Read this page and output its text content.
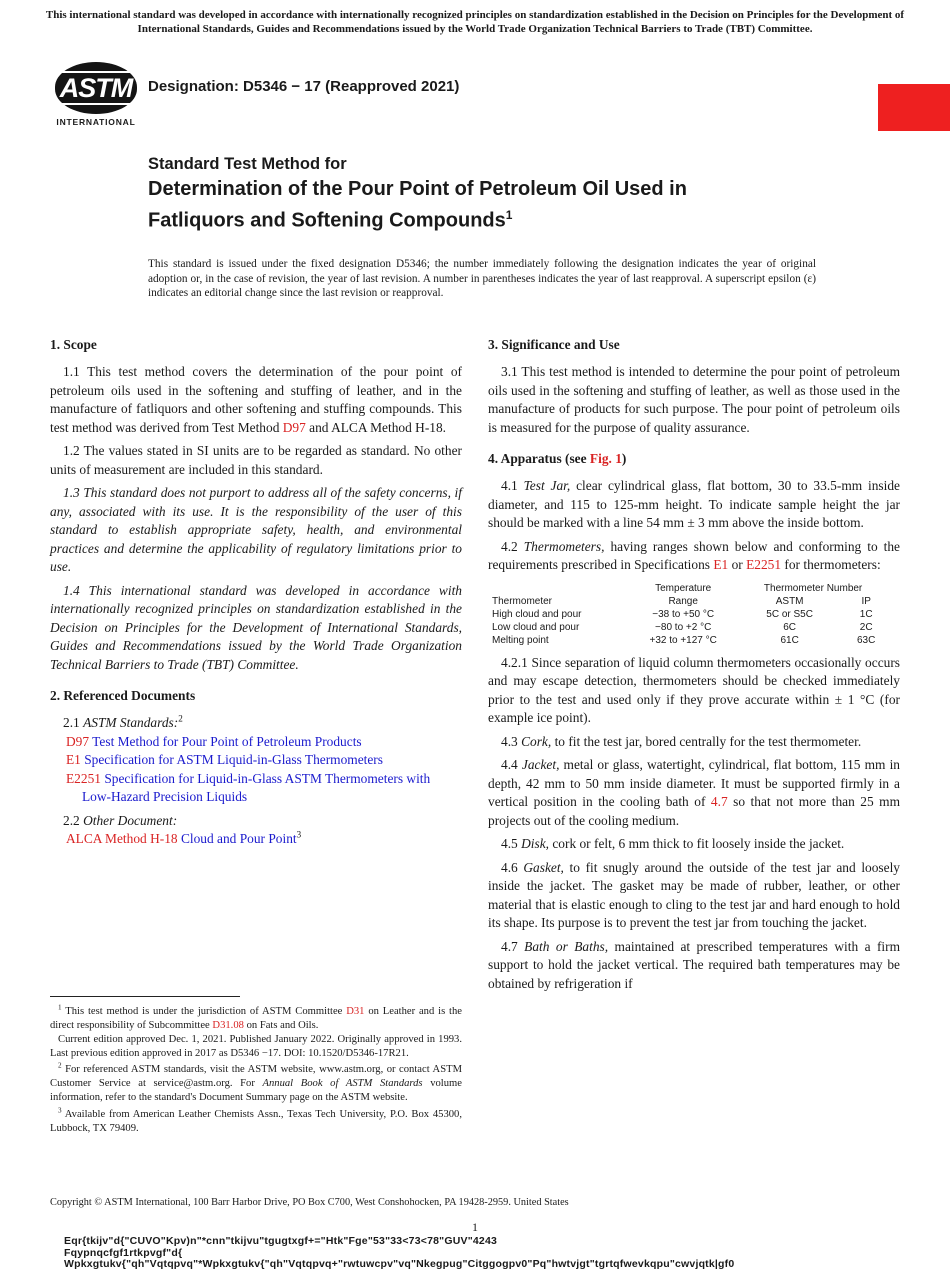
This international standard was developed in accordance with internationally recognized principles on standardization established in the Decision on Principles for the Development of International Standards, Guides and Recommendations issued by the World Trade Organization Technical Barriers to Trade (TBT) Committee.
ASTM
INTERNATIONAL
Designation: D5346 − 17 (Reapproved 2021)
Standard Test Method for
Determination of the Pour Point of Petroleum Oil Used in
Fatliquors and Softening Compounds$^1$
This standard is issued under the fixed designation D5346; the number immediately following the designation indicates the year of original adoption or, in the case of revision, the year of last revision. A number in parentheses indicates the year of last reapproval. A superscript epsilon (ε) indicates an editorial change since the last revision or reapproval.
1. Scope

1.1 This test method covers the determination of the pour point of petroleum oils used in the softening and stuffing of leather, and in the manufacture of fatliquors and other softening and stuffing compounds. This test method was derived from Test Method D97 and ALCA Method H-18.

1.2 The values stated in SI units are to be regarded as standard. No other units of measurement are included in this standard.

1.3 This standard does not purport to address all of the safety concerns, if any, associated with its use. It is the responsibility of the user of this standard to establish appropriate safety, health, and environmental practices and determine the applicability of regulatory limitations prior to use.

1.4 This international standard was developed in accordance with internationally recognized principles on standardization established in the Decision on Principles for the Development of International Standards, Guides and Recommendations issued by the World Trade Organization Technical Barriers to Trade (TBT) Committee.

2. Referenced Documents

2.1 ASTM Standards:$^2$

D97 Test Method for Pour Point of Petroleum Products

E1 Specification for ASTM Liquid-in-Glass Thermometers

E2251 Specification for Liquid-in-Glass ASTM Thermometers with Low-Hazard Precision Liquids

2.2 Other Document:

ALCA Method H-18 Cloud and Pour Point$^3$

$^1$ This test method is under the jurisdiction of ASTM Committee D31 on Leather and is the direct responsibility of Subcommittee D31.08 on Fats and Oils.

Current edition approved Dec. 1, 2021. Published January 2022. Originally approved in 1993. Last previous edition approved in 2017 as D5346 −17. DOI: 10.1520/D5346-17R21.

$^2$ For referenced ASTM standards, visit the ASTM website, www.astm.org, or contact ASTM Customer Service at service@astm.org. For Annual Book of ASTM Standards volume information, refer to the standard's Document Summary page on the ASTM website.

$^3$ Available from American Leather Chemists Assn., Texas Tech University, P.O. Box 45300, Lubbock, TX 79409.

3. Significance and Use

3.1 This test method is intended to determine the pour point of petroleum oils used in the softening and stuffing of leather, as well as those used in the manufacture of products for such purpose. The pour point of petroleum oils is measured for the purpose of quality assurance.

4. Apparatus (see Fig. 1)

4.1 Test Jar, clear cylindrical glass, flat bottom, 30 to 33.5-mm inside diameter, and 115 to 125-mm height. To indicate sample height the jar should be marked with a line 54 mm ± 3 mm above the inside bottom.

4.2 Thermometers, having ranges shown below and conforming to the requirements prescribed in Specifications E1 or E2251 for thermometers:

	Temperature	Thermometer Number	
Thermometer	Range	ASTM	IP
High cloud and pour	−38 to +50 °C	5C or S5C	1C
Low cloud and pour	−80 to +2 °C	6C	2C
Melting point	+32 to +127 °C	61C	63C

4.2.1 Since separation of liquid column thermometers occasionally occurs and may escape detection, thermometers should be checked immediately prior to the test and used only if they prove accurate within ± 1 °C (for example ice point).

4.3 Cork, to fit the test jar, bored centrally for the test thermometer.

4.4 Jacket, metal or glass, watertight, cylindrical, flat bottom, 115 mm in depth, 42 mm to 50 mm inside diameter. It must be supported firmly in a vertical position in the cooling bath of 4.7 so that not more than 25 mm projects out of the cooling medium.

4.5 Disk, cork or felt, 6 mm thick to fit loosely inside the jacket.

4.6 Gasket, to fit snugly around the outside of the test jar and loosely inside the jacket. The gasket may be made of rubber, leather, or other material that is elastic enough to cling to the test jar and hard enough to hold its shape. Its purpose is to prevent the test jar from touching the jacket.

4.7 Bath or Baths, maintained at prescribed temperatures with a firm support to hold the jacket vertical. The required bath temperatures may be obtained by refrigeration if

Copyright © ASTM International, 100 Barr Harbor Drive, PO Box C700, West Conshohocken, PA 19428-2959. United States
1
Eqr{tkijv"d{"CUVO"Kpv)n"*cnn"tkijvu"tgugtxgf+="Htk"Fge"53"33<73<78"GUV"4243
Fqypnqcfgf1rtkpvgf"d{
Wpkxgtukv{"qh"Vqtqpvq"*Wpkxgtukv{"qh"Vqtqpvq+"rwtuwcpv"vq"Nkegpug"Citggogpv0"Pq"hwtvjgt"tgrtqfwevkqpu"cwvjqtk|gf0
